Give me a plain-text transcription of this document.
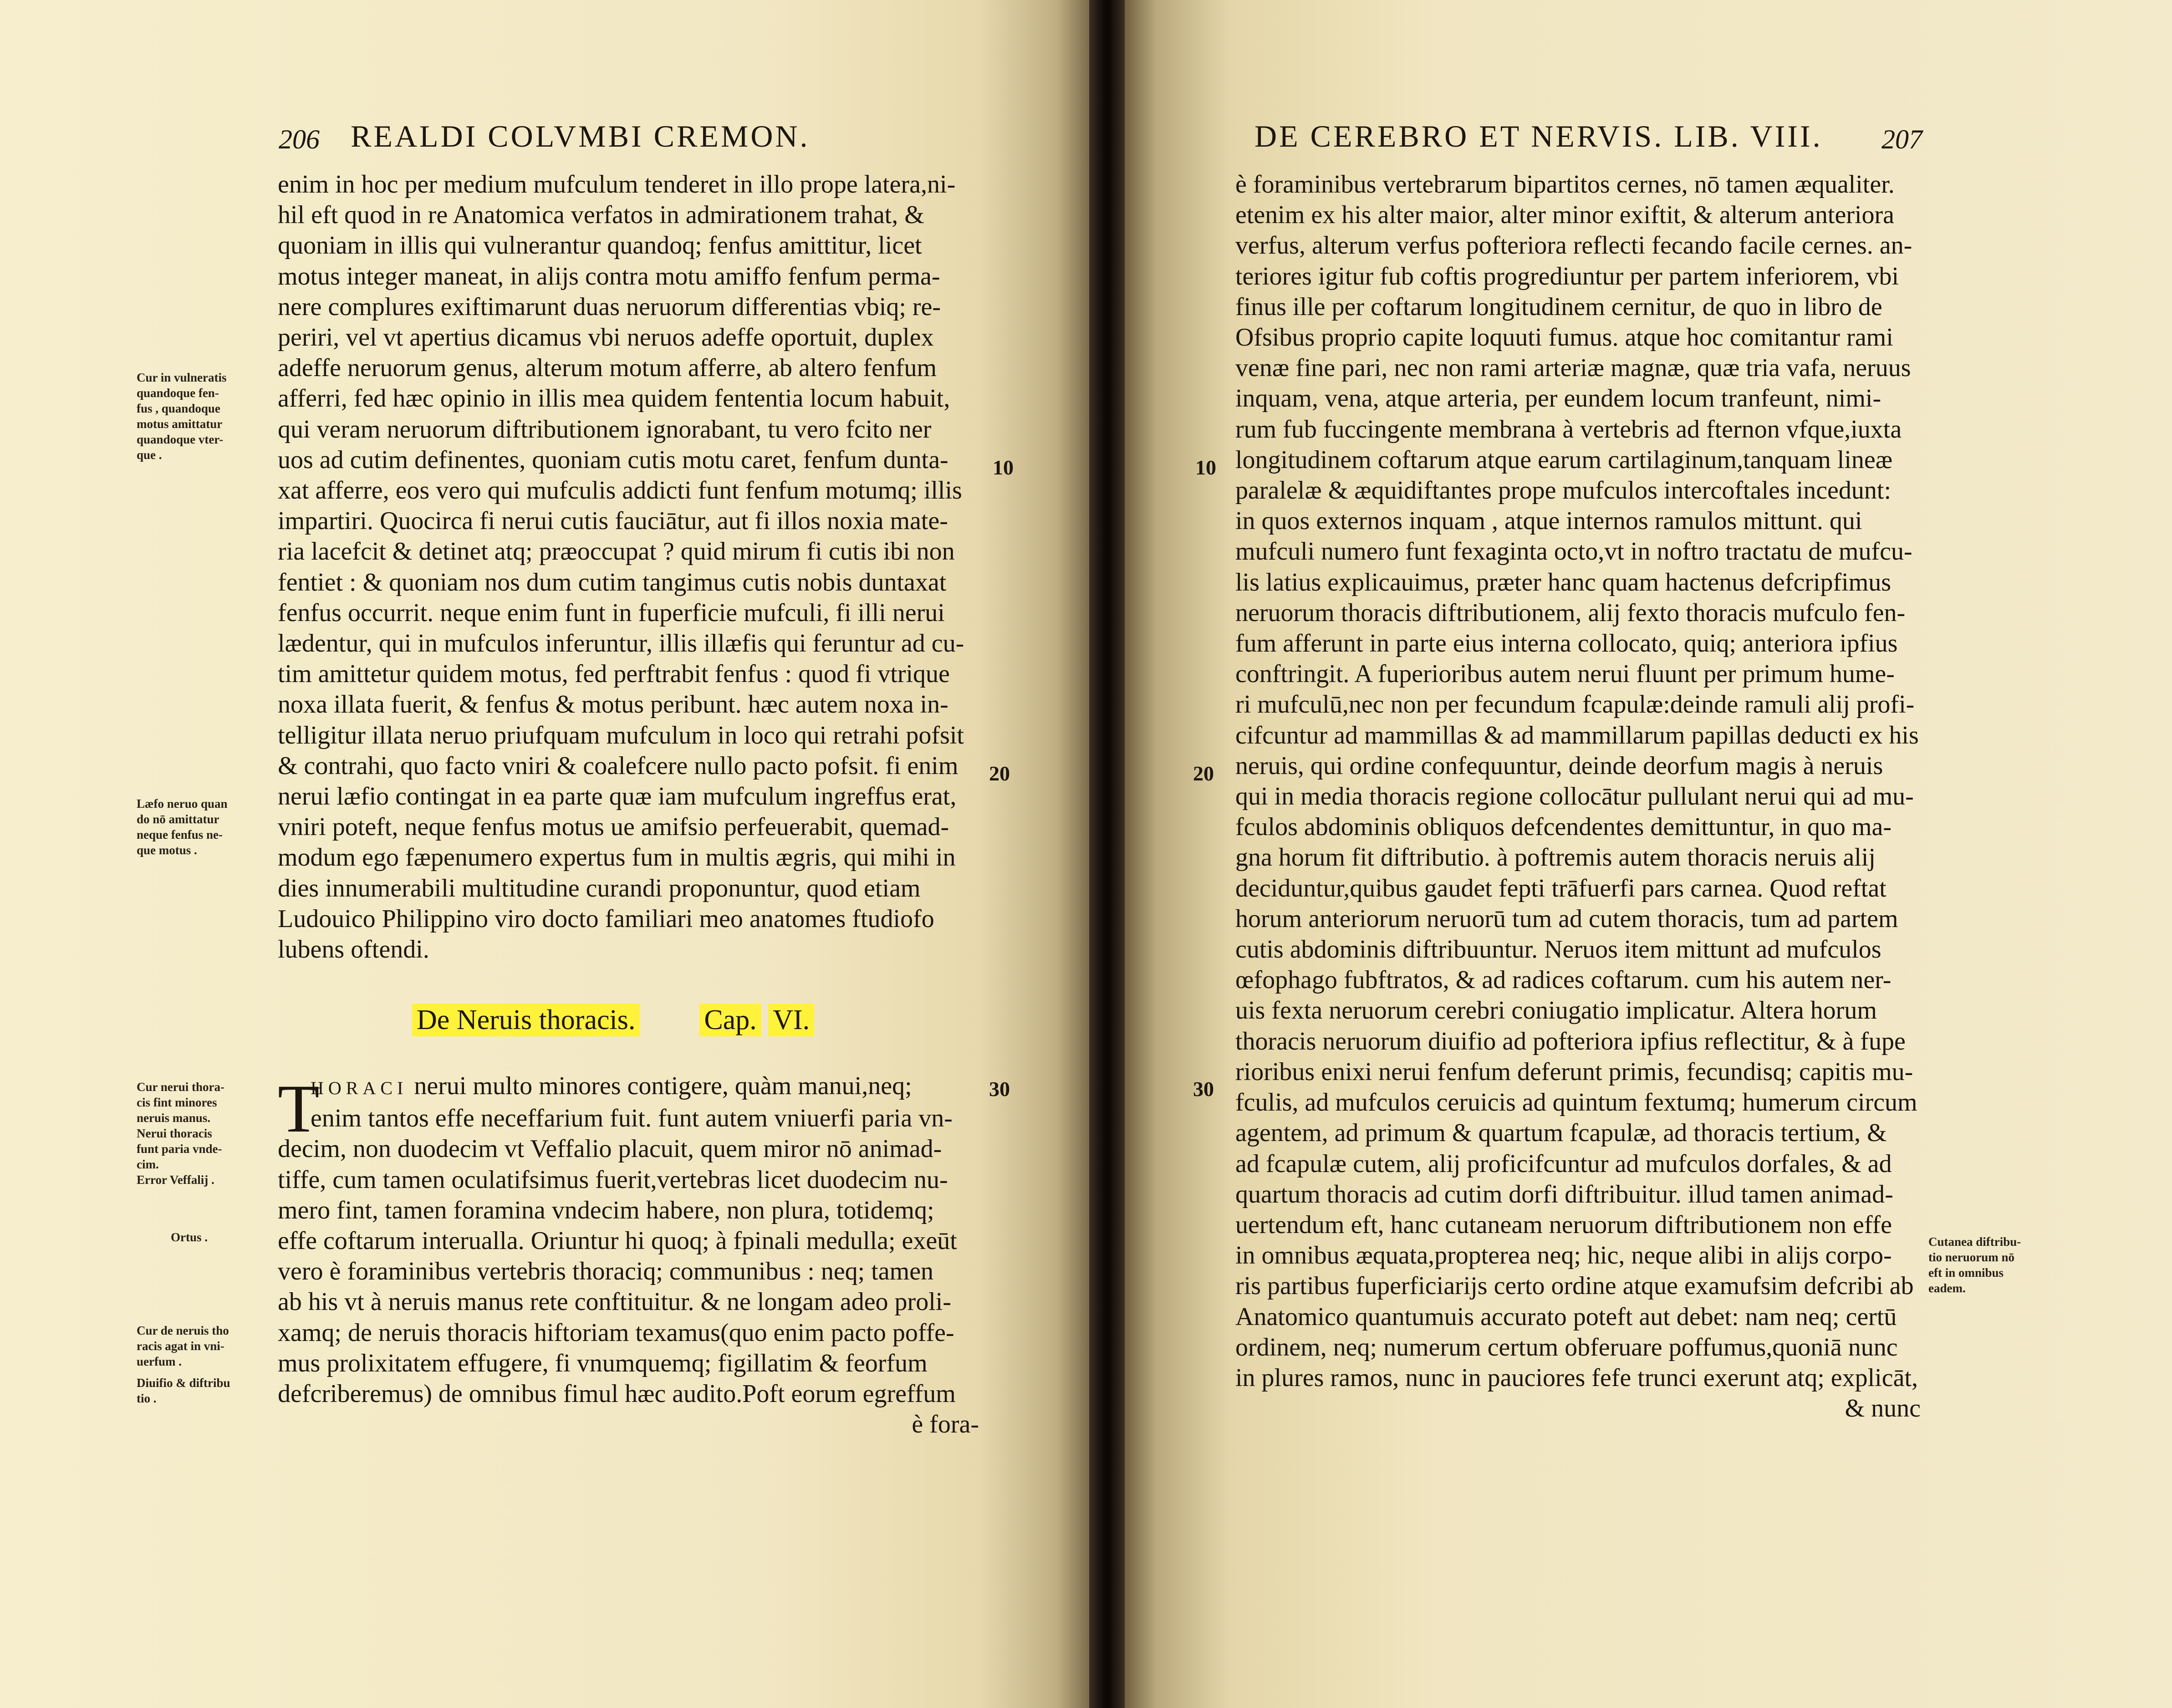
206 REALDI COLVMBI CREMON.
enim in hoc per medium mufculum tenderet in illo prope latera,ni-
hil eft quod in re Anatomica verfatos in admirationem trahat, &
quoniam in illis qui vulnerantur quandoq; fenfus amittitur, licet
motus integer maneat, in alijs contra motu amiffo fenfum perma-
nere complures exiftimarunt duas neruorum differentias vbiq; re-
periri, vel vt apertius dicamus vbi neruos adeffe oportuit, duplex
adeffe neruorum genus, alterum motum afferre, ab altero fenfum
afferri, fed hæc opinio in illis mea quidem fententia locum habuit,
qui veram neruorum diftributionem ignorabant, tu vero fcito ner
uos ad cutim definentes, quoniam cutis motu caret, fenfum dunta-
xat afferre, eos vero qui mufculis addicti funt fenfum motumq; illis
impartiri. Quocirca fi nerui cutis fauciātur, aut fi illos noxia mate-
ria lacefcit & detinet atq; præoccupat ? quid mirum fi cutis ibi non
fentiet : & quoniam nos dum cutim tangimus cutis nobis duntaxat
fenfus occurrit. neque enim funt in fuperficie mufculi, fi illi nerui
lædentur, qui in mufculos inferuntur, illis illæfis qui feruntur ad cu-
tim amittetur quidem motus, fed perftrabit fenfus : quod fi vtrique
noxa illata fuerit, & fenfus & motus peribunt. hæc autem noxa in-
telligitur illata neruo priufquam mufculum in loco qui retrahi pofsit
& contrahi, quo facto vniri & coalefcere nullo pacto pofsit. fi enim
nerui læfio contingat in ea parte quæ iam mufculum ingreffus erat,
vniri poteft, neque fenfus motus ue amifsio perfeuerabit, quemad-
modum ego fæpenumero expertus fum in multis ægris, qui mihi in
dies innumerabili multitudine curandi proponuntur, quod etiam
Ludouico Philippino viro docto familiari meo anatomes ftudiofo
lubens oftendi.
10
20
30
Cur in vulneratis
quandoque fen-
fus , quandoque
motus amittatur
quandoque vter-
que .
Læfo neruo quan
do nō amittatur
neque fenfus ne-
que motus .
Cur nerui thora-
cis fint minores
neruis manus.
Nerui thoracis
funt paria vnde-
cim.
Error Veffalij .
Ortus .
Cur de neruis tho
racis agat in vni-
uerfum .
Diuifio & diftribu
tio .
De Neruis thoracis. Cap. VI.
T
HORACI nerui multo minores contigere, quàm manui,neq;
enim tantos effe neceffarium fuit. funt autem vniuerfi paria vn-
decim, non duodecim vt Veffalio placuit, quem miror nō animad-
tiffe, cum tamen oculatifsimus fuerit,vertebras licet duodecim nu-
mero fint, tamen foramina vndecim habere, non plura, totidemq;
effe coftarum interualla. Oriuntur hi quoq; à fpinali medulla; exeūt
vero è foraminibus vertebris thoraciq; communibus : neq; tamen
ab his vt à neruis manus rete conftituitur. & ne longam adeo proli-
xamq; de neruis thoracis hiftoriam texamus(quo enim pacto poffe-
mus prolixitatem effugere, fi vnumquemq; figillatim & feorfum
defcriberemus) de omnibus fimul hæc audito.Poft eorum egreffum
è fora-
DE CEREBRO ET NERVIS. LIB. VIII. 207
è foraminibus vertebrarum bipartitos cernes, nō tamen æqualiter.
etenim ex his alter maior, alter minor exiftit, & alterum anteriora
verfus, alterum verfus pofteriora reflecti fecando facile cernes. an-
teriores igitur fub coftis progrediuntur per partem inferiorem, vbi
finus ille per coftarum longitudinem cernitur, de quo in libro de
Ofsibus proprio capite loquuti fumus. atque hoc comitantur rami
venæ fine pari, nec non rami arteriæ magnæ, quæ tria vafa, neruus
inquam, vena, atque arteria, per eundem locum tranfeunt, nimi-
rum fub fuccingente membrana à vertebris ad fternon vfque,iuxta
longitudinem coftarum atque earum cartilaginum,tanquam lineæ
paralelæ & æquidiftantes prope mufculos intercoftales incedunt:
in quos externos inquam , atque internos ramulos mittunt. qui
mufculi numero funt fexaginta octo,vt in noftro tractatu de mufcu-
lis latius explicauimus, præter hanc quam hactenus defcripfimus
neruorum thoracis diftributionem, alij fexto thoracis mufculo fen-
fum afferunt in parte eius interna collocato, quiq; anteriora ipfius
conftringit. A fuperioribus autem nerui fluunt per primum hume-
ri mufculū,nec non per fecundum fcapulæ:deinde ramuli alij profi-
cifcuntur ad mammillas & ad mammillarum papillas deducti ex his
neruis, qui ordine confequuntur, deinde deorfum magis à neruis
qui in media thoracis regione collocātur pullulant nerui qui ad mu-
fculos abdominis obliquos defcendentes demittuntur, in quo ma-
gna horum fit diftributio. à poftremis autem thoracis neruis alij
deciduntur,quibus gaudet fepti trāfuerfi pars carnea. Quod reftat
horum anteriorum neruorū tum ad cutem thoracis, tum ad partem
cutis abdominis diftribuuntur. Neruos item mittunt ad mufculos
œfophago fubftratos, & ad radices coftarum. cum his autem ner-
uis fexta neruorum cerebri coniugatio implicatur. Altera horum
thoracis neruorum diuifio ad pofteriora ipfius reflectitur, & à fupe
rioribus enixi nerui fenfum deferunt primis, fecundisq; capitis mu-
fculis, ad mufculos ceruicis ad quintum fextumq; humerum circum
agentem, ad primum & quartum fcapulæ, ad thoracis tertium, &
ad fcapulæ cutem, alij proficifcuntur ad mufculos dorfales, & ad
quartum thoracis ad cutim dorfi diftribuitur. illud tamen animad-
uertendum eft, hanc cutaneam neruorum diftributionem non effe
in omnibus æquata,propterea neq; hic, neque alibi in alijs corpo-
ris partibus fuperficiarijs certo ordine atque examufsim defcribi ab
Anatomico quantumuis accurato poteft aut debet: nam neq; certū
ordinem, neq; numerum certum obferuare poffumus,quoniā nunc
in plures ramos, nunc in pauciores fefe trunci exerunt atq; explicāt,
& nunc
10
20
30
Cutanea diftribu-
tio neruorum nō
eft in omnibus
eadem.
